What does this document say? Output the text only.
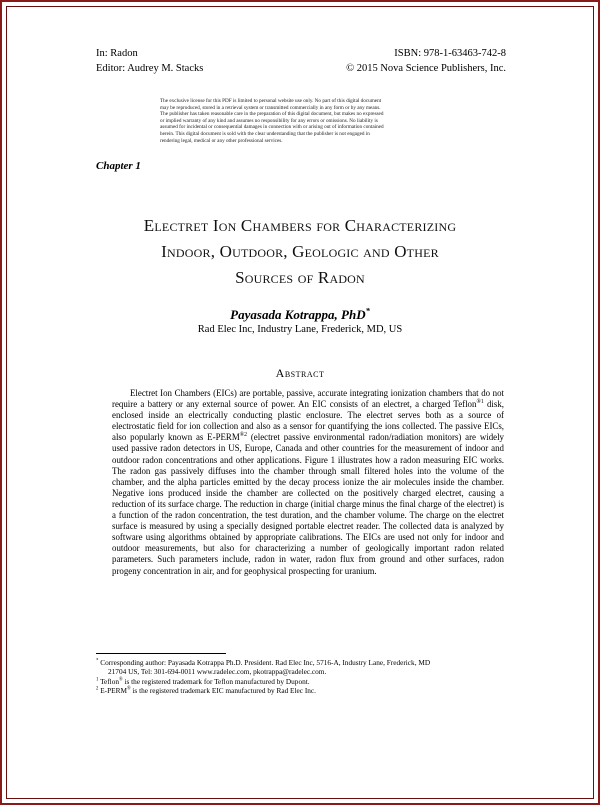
In: Radon
Editor: Audrey M. Stacks
ISBN: 978-1-63463-742-8
© 2015 Nova Science Publishers, Inc.
The exclusive license for this PDF is limited to personal website use only. No part of this digital document
may be reproduced, stored in a retrieval system or transmitted commercially in any form or by any means.
The publisher has taken reasonable care in the preparation of this digital document, but makes no expressed
or implied warranty of any kind and assumes no responsibility for any errors or omissions. No liability is
assumed for incidental or consequential damages in connection with or arising out of information contained
herein. This digital document is sold with the clear understanding that the publisher is not engaged in
rendering legal, medical or any other professional services.
Chapter 1
Electret Ion Chambers for Characterizing
Indoor, Outdoor, Geologic and Other
Sources of Radon
Payasada Kotrappa, PhD*
Rad Elec Inc, Industry Lane, Frederick, MD, US
Abstract
Electret Ion Chambers (EICs) are portable, passive, accurate integrating ionization chambers that do not require a battery or any external source of power. An EIC consists of an electret, a charged Teflon$^{®1}$ disk, enclosed inside an electrically conducting plastic enclosure. The electret serves both as a source of electrostatic field for ion collection and also as a sensor for quantifying the ions collected. The passive EICs, also popularly known as $E-PERM^{®2}$ (electret passive environmental radon/radiation monitors) are widely used passive radon detectors in US, Europe, Canada and other countries for the measurement of indoor and outdoor radon concentrations and other applications. Figure 1 illustrates how a radon measuring EIC works. The radon gas passively diffuses into the chamber through small filtered holes into the volume of the chamber, and the alpha particles emitted by the decay process ionize the air molecules inside the chamber. Negative ions produced inside the chamber are collected on the positively charged electret, causing a reduction of its surface charge. The reduction in charge (initial charge minus the final charge of the electret) is a function of the radon concentration, the test duration, and the chamber volume. The charge on the electret surface is measured by using a specially designed portable electret reader. The collected data is analyzed by software using algorithms obtained by appropriate calibrations. The EICs are used not only for indoor and outdoor measurements, but also for characterizing a number of geologically important radon related parameters. Such parameters include, radon in water, radon flux from ground and other surfaces, radon progeny concentration in air, and for geophysical prospecting for uranium.
* Corresponding author: Payasada Kotrappa Ph.D. President. Rad Elec Inc, 5716-A, Industry Lane, Frederick, MD
21704 US, Tel: 301-694-0011 www.radelec.com, pkotrappa@radelec.com.
$^1$ Teflon® is the registered trademark for Teflon manufactured by Dupont.
$^2$ E-PERM® is the registered trademark EIC manufactured by Rad Elec Inc.
